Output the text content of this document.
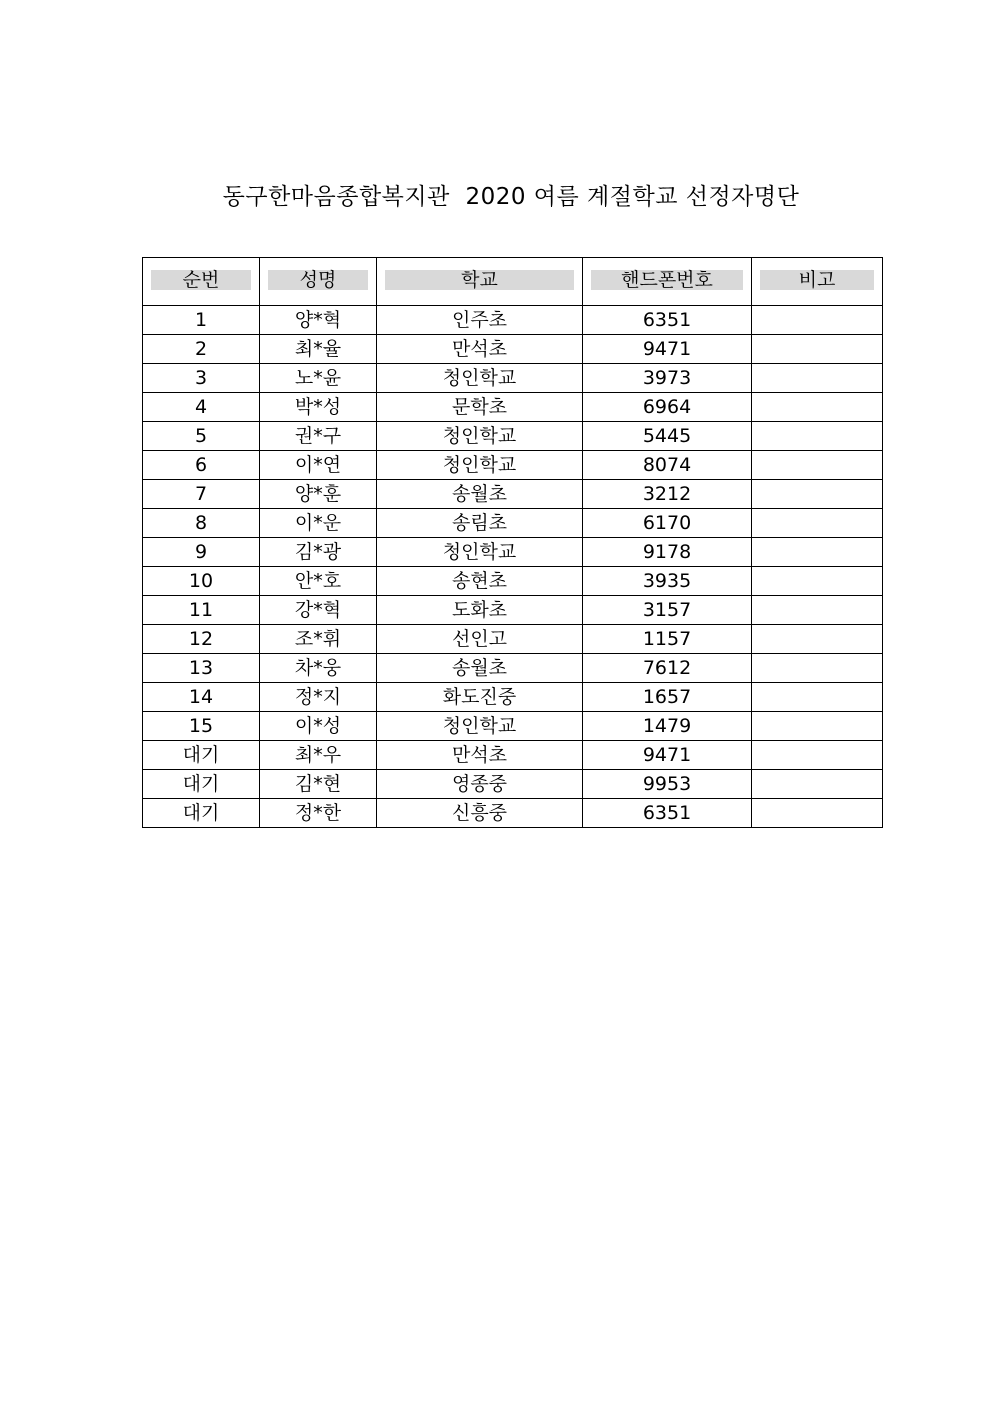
동구한마음종합복지관  2020 여름 계절학교 선정자명단
순번	성명	학교	핸드폰번호	비고

1	양*혁	인주초	6351	
2	최*율	만석초	9471	
3	노*윤	청인학교	3973	
4	박*성	문학초	6964	
5	권*구	청인학교	5445	
6	이*연	청인학교	8074	
7	양*훈	송월초	3212	
8	이*운	송림초	6170	
9	김*광	청인학교	9178	
10	안*호	송현초	3935	
11	강*혁	도화초	3157	
12	조*휘	선인고	1157	
13	차*웅	송월초	7612	
14	정*지	화도진중	1657	
15	이*성	청인학교	1479	
대기	최*우	만석초	9471	
대기	김*현	영종중	9953	
대기	정*한	신흥중	6351	
